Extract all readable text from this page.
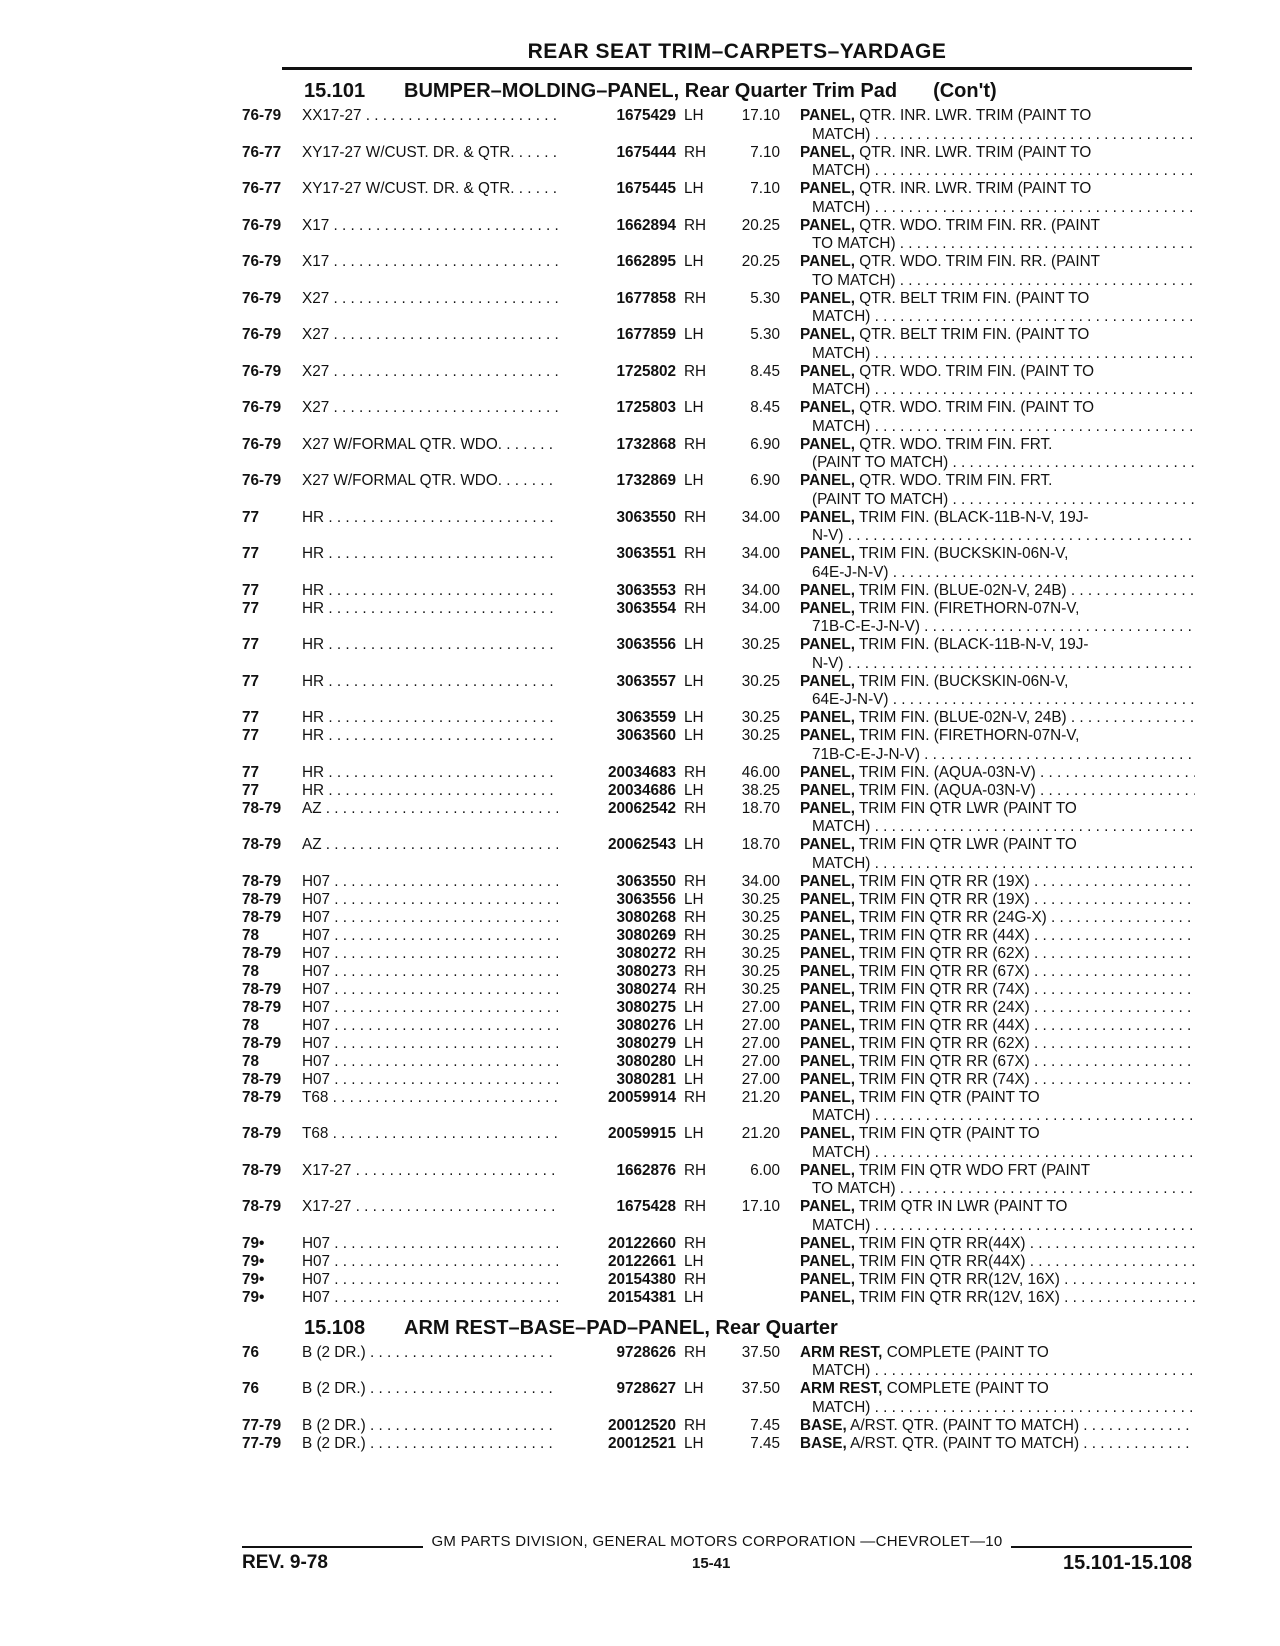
REAR SEAT TRIM–CARPETS–YARDAGE
15.101	BUMPER–MOLDING–PANEL, Rear Quarter Trim Pad (Con't)
76-79	XX17-27 . . .	1675429 LH	17.10 PANEL, QTR. INR. LWR. TRIM (PAINT TO
MATCH) . . .
76-77	XY17-27 W/CUST. DR. & QTR. . . .	1675444 RH	7.10 PANEL, QTR. INR. LWR. TRIM (PAINT TO
MATCH) . . .
76-77	XY17-27 W/CUST. DR. & QTR. . . .	1675445 LH	7.10 PANEL, QTR. INR. LWR. TRIM (PAINT TO
MATCH) . . .
76-79	X17 . . .	1662894 RH	20.25 PANEL, QTR. WDO. TRIM FIN. RR. (PAINT
TO MATCH) . . .
76-79	X17 . . .	1662895 LH	20.25 PANEL, QTR. WDO. TRIM FIN. RR. (PAINT
TO MATCH) . . .
76-79	X27 . . .	1677858 RH	5.30 PANEL, QTR. BELT TRIM FIN. (PAINT TO
MATCH) . . .
76-79	X27 . . .	1677859 LH	5.30 PANEL, QTR. BELT TRIM FIN. (PAINT TO
MATCH) . . .
76-79	X27 . . .	1725802 RH	8.45 PANEL, QTR. WDO. TRIM FIN. (PAINT TO
MATCH) . . .
76-79	X27 . . .	1725803 LH	8.45 PANEL, QTR. WDO. TRIM FIN. (PAINT TO
MATCH) . . .
76-79	X27 W/FORMAL QTR. WDO. . . .	1732868 RH	6.90 PANEL, QTR. WDO. TRIM FIN. FRT.
(PAINT TO MATCH) . . .
76-79	X27 W/FORMAL QTR. WDO. . . .	1732869 LH	6.90 PANEL, QTR. WDO. TRIM FIN. FRT.
(PAINT TO MATCH) . . .
77	HR . . .	3063550 RH	34.00 PANEL, TRIM FIN. (BLACK-11B-N-V, 19J-
N-V) . . .
77	HR . . .	3063551 RH	34.00 PANEL, TRIM FIN. (BUCKSKIN-06N-V,
64E-J-N-V) . . .
77	HR . . .	3063553 RH	34.00 PANEL, TRIM FIN. (BLUE-02N-V, 24B) . . .
77	HR . . .	3063554 RH	34.00 PANEL, TRIM FIN. (FIRETHORN-07N-V,
71B-C-E-J-N-V) . . .
77	HR . . .	3063556 LH	30.25 PANEL, TRIM FIN. (BLACK-11B-N-V, 19J-
N-V) . . .
77	HR . . .	3063557 LH	30.25 PANEL, TRIM FIN. (BUCKSKIN-06N-V,
64E-J-N-V) . . .
77	HR . . .	3063559 LH	30.25 PANEL, TRIM FIN. (BLUE-02N-V, 24B) . . .
77	HR . . .	3063560 LH	30.25 PANEL, TRIM FIN. (FIRETHORN-07N-V,
71B-C-E-J-N-V) . . .
77	HR . . .	20034683 RH	46.00 PANEL, TRIM FIN. (AQUA-03N-V) . . .
77	HR . . .	20034686 LH	38.25 PANEL, TRIM FIN. (AQUA-03N-V) . . .
78-79	AZ . . .	20062542 RH	18.70 PANEL, TRIM FIN QTR LWR (PAINT TO
MATCH) . . .
78-79	AZ . . .	20062543 LH	18.70 PANEL, TRIM FIN QTR LWR (PAINT TO
MATCH) . . .
78-79	H07 . . .	3063550 RH	34.00 PANEL, TRIM FIN QTR RR (19X) . . .
78-79	H07 . . .	3063556 LH	30.25 PANEL, TRIM FIN QTR RR (19X) . . .
78-79	H07 . . .	3080268 RH	30.25 PANEL, TRIM FIN QTR RR (24G-X) . . .
78	H07 . . .	3080269 RH	30.25 PANEL, TRIM FIN QTR RR (44X) . . .
78-79	H07 . . .	3080272 RH	30.25 PANEL, TRIM FIN QTR RR (62X) . . .
78	H07 . . .	3080273 RH	30.25 PANEL, TRIM FIN QTR RR (67X) . . .
78-79	H07 . . .	3080274 RH	30.25 PANEL, TRIM FIN QTR RR (74X) . . .
78-79	H07 . . .	3080275 LH	27.00 PANEL, TRIM FIN QTR RR (24X) . . .
78	H07 . . .	3080276 LH	27.00 PANEL, TRIM FIN QTR RR (44X) . . .
78-79	H07 . . .	3080279 LH	27.00 PANEL, TRIM FIN QTR RR (62X) . . .
78	H07 . . .	3080280 LH	27.00 PANEL, TRIM FIN QTR RR (67X) . . .
78-79	H07 . . .	3080281 LH	27.00 PANEL, TRIM FIN QTR RR (74X) . . .
78-79	T68 . . .	20059914 RH	21.20 PANEL, TRIM FIN QTR (PAINT TO
MATCH) . . .
78-79	T68 . . .	20059915 LH	21.20 PANEL, TRIM FIN QTR (PAINT TO
MATCH) . . .
78-79	X17-27 . . .	1662876 RH	6.00 PANEL, TRIM FIN QTR WDO FRT (PAINT
TO MATCH) . . .
78-79	X17-27 . . .	1675428 RH	17.10 PANEL, TRIM QTR IN LWR (PAINT TO
MATCH) . . .
79•	H07 . . .	20122660 RH	PANEL, TRIM FIN QTR RR(44X) . . .
79•	H07 . . .	20122661 LH	PANEL, TRIM FIN QTR RR(44X) . . .
79•	H07 . . .	20154380 RH	PANEL, TRIM FIN QTR RR(12V, 16X) . . .
79•	H07 . . .	20154381 LH	PANEL, TRIM FIN QTR RR(12V, 16X) . . .
15.108	ARM REST–BASE–PAD–PANEL, Rear Quarter
76	B (2 DR.) . . .	9728626 RH	37.50 ARM REST, COMPLETE (PAINT TO
MATCH) . . .
76	B (2 DR.) . . .	9728627 LH	37.50 ARM REST, COMPLETE (PAINT TO
MATCH) . . .
77-79	B (2 DR.) . . .	20012520 RH	7.45 BASE, A/RST. QTR. (PAINT TO MATCH) . . .
77-79	B (2 DR.) . . .	20012521 LH	7.45 BASE, A/RST. QTR. (PAINT TO MATCH) . . .
GM PARTS DIVISION, GENERAL MOTORS CORPORATION —CHEVROLET—10
REV. 9-78	15-41	15.101-15.108
